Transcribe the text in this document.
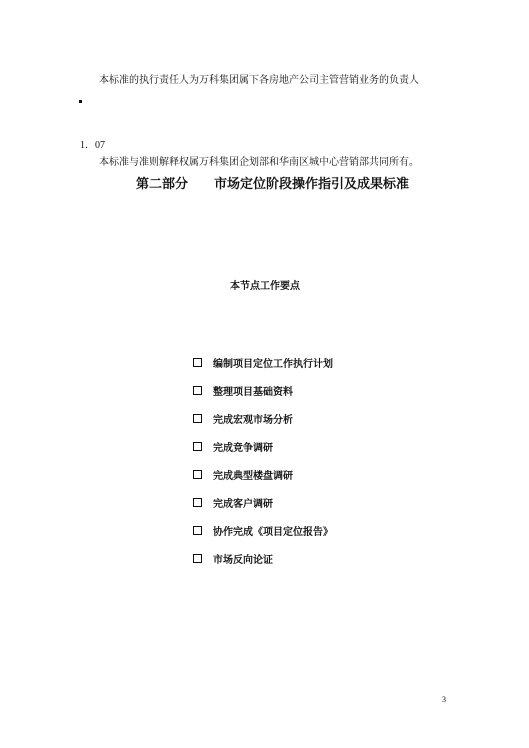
本标准的执行责任人为万科集团属下各房地产公司主管营销业务的负责人
1．07
本标准与准则解释权属万科集团企划部和华南区城中心营销部共同所有。
第二部分 市场定位阶段操作指引及成果标准
本节点工作要点
编制项目定位工作执行计划
整理项目基础资料
完成宏观市场分析
完成竞争调研
完成典型楼盘调研
完成客户调研
协作完成《项目定位报告》
市场反向论证
3
